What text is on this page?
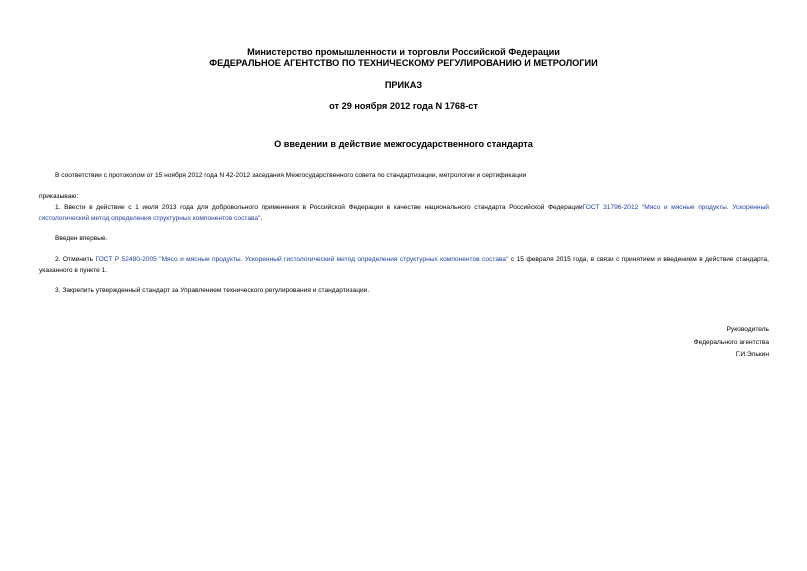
Министерство промышленности и торговли Российской Федерации
ФЕДЕРАЛЬНОЕ АГЕНТСТВО ПО ТЕХНИЧЕСКОМУ РЕГУЛИРОВАНИЮ И МЕТРОЛОГИИ
ПРИКАЗ
от 29 ноября 2012 года N 1768-ст
О введении в действие межгосударственного стандарта
В соответствии с протоколом от 15 ноября 2012 года N 42-2012 заседания Межгосударственного совета по стандартизации, метрологии и сертификации
приказываю:
1. Ввести в действие с 1 июля 2013 года для добровольного применения в Российской Федерации в качестве национального стандарта Российской ФедерацииГОСТ 31796-2012 "Мясо и мясные продукты. Ускоренный гистологический метод определения структурных компонентов состава".
Введен впервые.
2. Отменить ГОСТ Р 52480-2005 "Мясо и мясные продукты. Ускоренный гистологический метод определения структурных компонентов состава" с 15 февраля 2015 года, в связи с принятием и введением в действие стандарта, указанного в пункте 1.
3. Закрепить утвержденный стандарт за Управлением технического регулирования и стандартизации.
Руководитель
Федерального агентства
Г.И.Элькин
